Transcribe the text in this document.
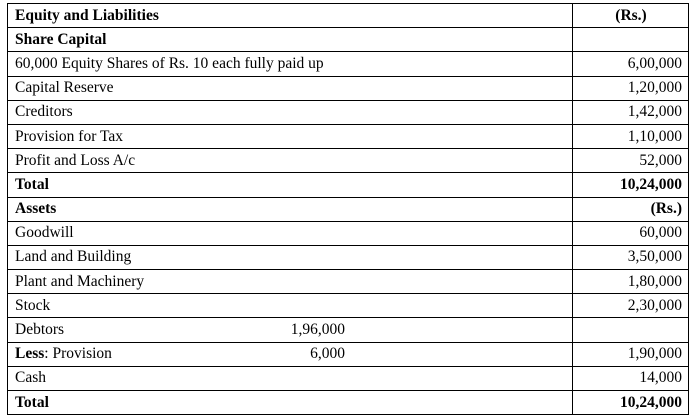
Equity and Liabilities	(Rs.)
Share Capital	
60,000 Equity Shares of Rs. 10 each fully paid up	6,00,000
Capital Reserve	1,20,000
Creditors	1,42,000
Provision for Tax	1,10,000
Profit and Loss A/c	52,000
Total	10,24,000
Assets	(Rs.)
Goodwill	60,000
Land and Building	3,50,000
Plant and Machinery	1,80,000
Stock	2,30,000

Debtors 1,96,000	

Less: Provision 6,000	1,90,000
Cash	14,000
Total	10,24,000
